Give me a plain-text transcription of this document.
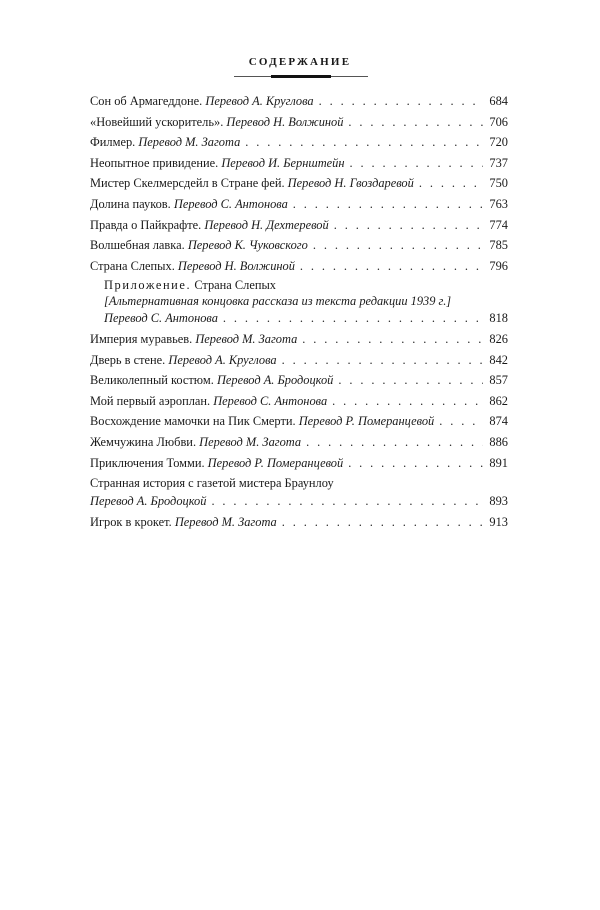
СОДЕРЖАНИЕ
Сон об Армагеддоне.
Перевод А. Круглова . . .	684
«Новейший ускоритель».
Перевод Н. Волжиной . . .	706
Филмер.
Перевод М. Загота . . .	720
Неопытное привидение.
Перевод И. Бернштейн . . .	737
Мистер Скелмерсдейл в Стране фей.
Перевод Н. Гвоздаревой . . .	750
Долина пауков.
Перевод С. Антонова . . .	763
Правда о Пайкрафте.
Перевод Н. Дехтеревой . . .	774
Волшебная лавка.
Перевод К. Чуковского . . .	785
Страна Слепых.
Перевод Н. Волжиной . . .	796
Приложение. Страна Слепых
[Альтернативная концовка рассказа из текста редакции 1939 г.]
Перевод С. Антонова . . .	818
Империя муравьев.
Перевод М. Загота . . .	826
Дверь в стене.
Перевод А. Круглова . . .	842
Великолепный костюм.
Перевод А. Бродоцкой . . .	857
Мой первый аэроплан.
Перевод С. Антонова . . .	862
Восхождение мамочки на Пик Смерти.
Перевод Р. Померанцевой . . .	874
Жемчужина Любви.
Перевод М. Загота . . .	886
Приключения Томми.
Перевод Р. Померанцевой . . .	891
Странная история с газетой мистера Браунлоу
Перевод А. Бродоцкой . . .	893
Игрок в крокет.
Перевод М. Загота . . .	913
